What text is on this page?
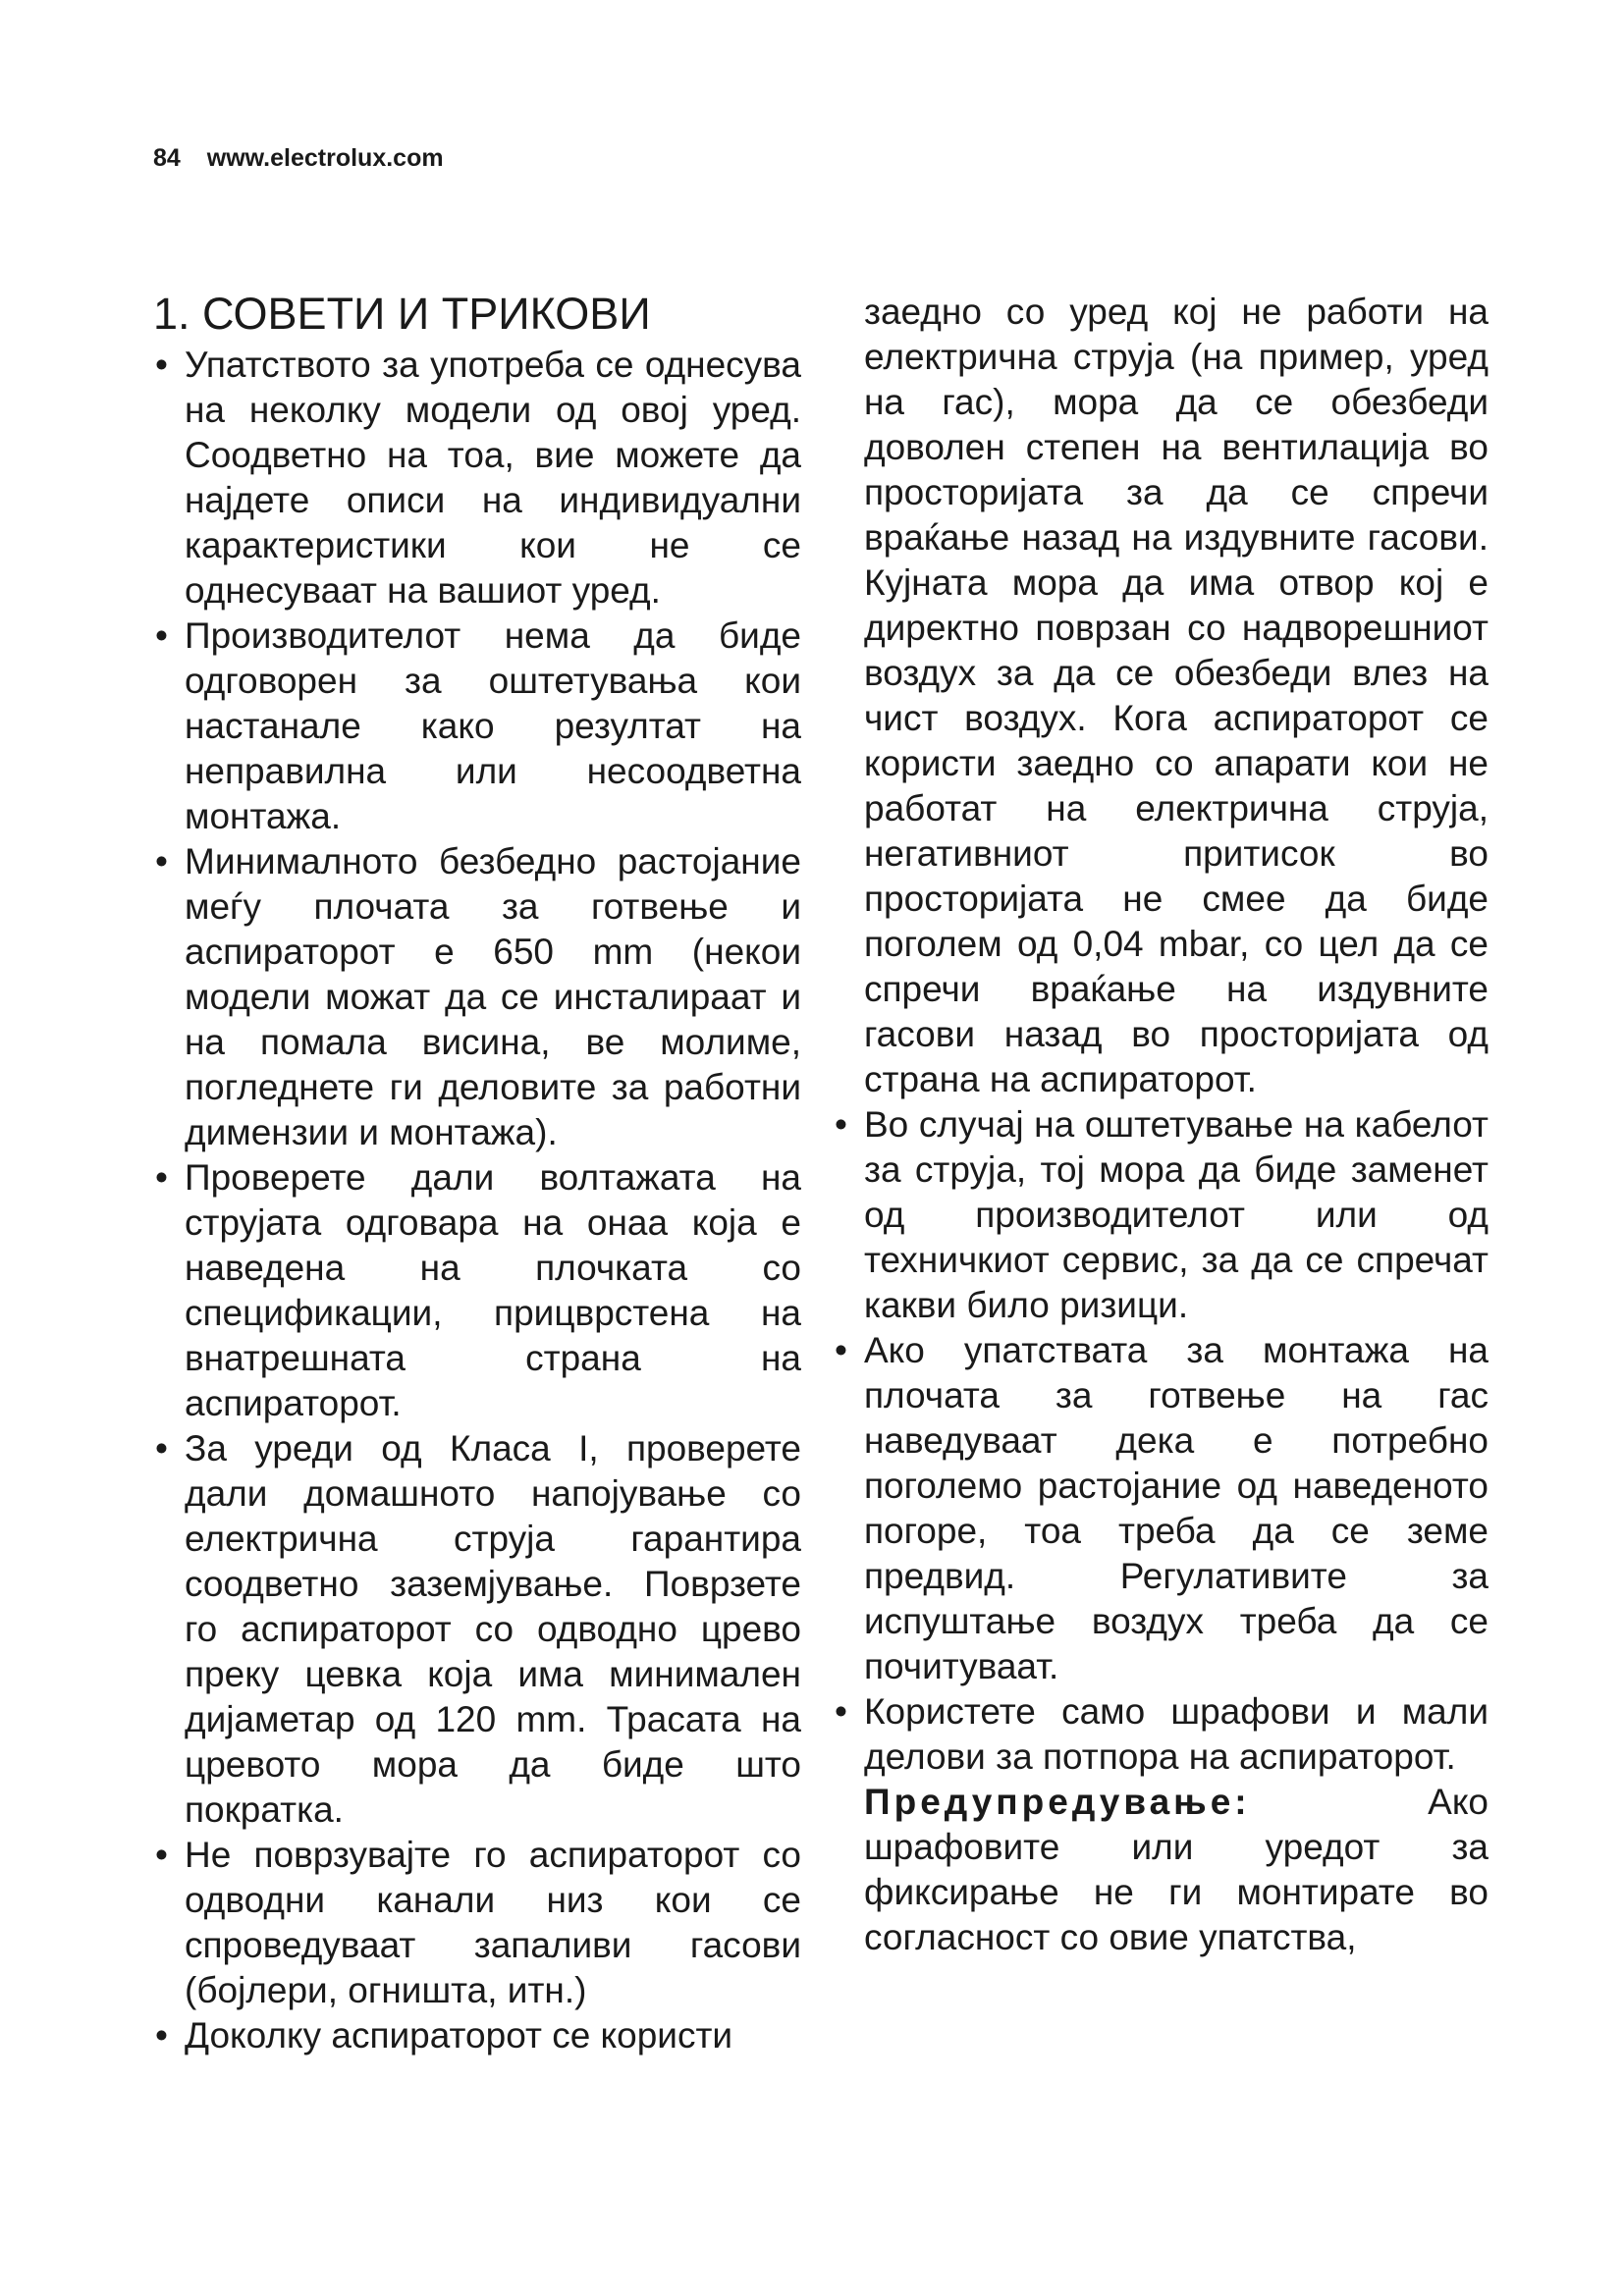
84 www.electrolux.com
1. СОВЕТИ И ТРИКОВИ
• Упатството за употреба се однесува на неколку модели од овој уред. Соодветно на тоа, вие можете да најдете описи на индивидуални карактеристики кои не се однесуваат на вашиот уред.
• Производителот нема да биде одговорен за оштетувања кои настанале како резултат на неправилна или несоодветна монтажа.
• Минималното безбедно растојание меѓу плочата за готвење и аспираторот е 650 mm (некои модели можат да се инсталираат и на помала висина, ве молиме, погледнете ги деловите за работни димензии и монтажа).
• Проверете дали волтажата на струјата одговара на онаа која е наведена на плочката со спецификации, прицврстена на внатрешната страна на аспираторот.
• За уреди од Класа I, проверете дали домашното напојување со електрична струја гарантира соодветно заземјување. Поврзете го аспираторот со одводно црево преку цевка која има минимален дијаметар од 120 mm. Трасата на цревото мора да биде што пократка.
• Не поврзувајте го аспираторот со одводни канали низ кои се спроведуваат запаливи гасови (бојлери, огништа, итн.)
• Доколку аспираторот се користи

заедно со уред кој не работи на електрична струја (на пример, уред на гас), мора да се обезбеди доволен степен на вентилација во просторијата за да се спречи враќање назад на издувните гасови. Кујната мора да има отвор кој е директно поврзан со надворешниот воздух за да се обезбеди влез на чист воздух. Кога аспираторот се користи заедно со апарати кои не работат на електрична струја, негативниот притисок во просторијата не смее да биде поголем од 0,04 mbar, со цел да се спречи враќање на издувните гасови назад во просторијата од страна на аспираторот.

• Во случај на оштетување на кабелот за струја, тој мора да биде заменет од производителот или од техничкиот сервис, за да се спречат какви било ризици.
• Ако упатствата за монтажа на плочата за готвење на гас наведуваат дека е потребно поголемо растојание од наведеното погоре, тоа треба да се земе предвид. Регулативите за испуштање воздух треба да се почитуваат.
• Користете само шрафови и мали делови за потпора на аспираторот.

Предупредување:	Ако шрафовите или уредот за фиксирање не ги монтирате во согласност со овие упатства,
